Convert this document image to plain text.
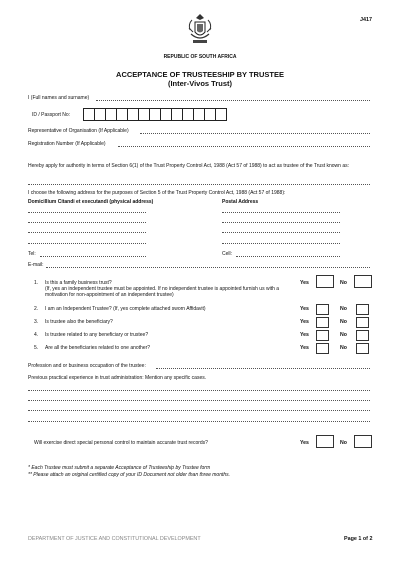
J417
REPUBLIC OF SOUTH AFRICA
ACCEPTANCE OF TRUSTEESHIP BY TRUSTEE
(Inter-Vivos Trust)
I (Full names and surname)
ID / Passport No:
Representative of Organisation (If Applicable)
Registration Number (If Applicable)
Hereby apply for authority in terms of Section 6(1) of the Trust Property Control Act, 1988 (Act 57 of 1988) to act as trustee of the Trust known as:
I choose the following address for the purposes of Section 5 of the Trust Property Control Act, 1988 (Act 57 of 1988):
Domicillium Citandi et executandi (physical address)	Postal Address
Tel:	Cell:
E-mail:
1. Is this a family business trust?
(If, yes an independent trustee must be appointed. If no independent trustee is appointed furnish us with a motivation for non-appointment of an independent trustee)
Yes	No
2. I am an Independent Trustee? (If, yes complete attached sworn Affidavit)	Yes	No
3. Is trustee also the beneficiary?	Yes	No
4. Is trustee related to any beneficiary or trustee?	Yes	No
5. Are all the beneficiaries related to one another?	Yes	No
Profession and or business occupation of the trustee:
Previous practical experience in trust administration: Mention any specific cases.
Will exercise direct special personal control to maintain accurate trust records?	Yes	No
* Each Trustee must submit a separate Acceptance of Trusteeship by Trustee form
** Please attach an original certified copy of your ID Document not older than three months.
DEPARTMENT OF JUSTICE AND CONSTITUTIONAL DEVELOPMENT	Page 1 of 2
